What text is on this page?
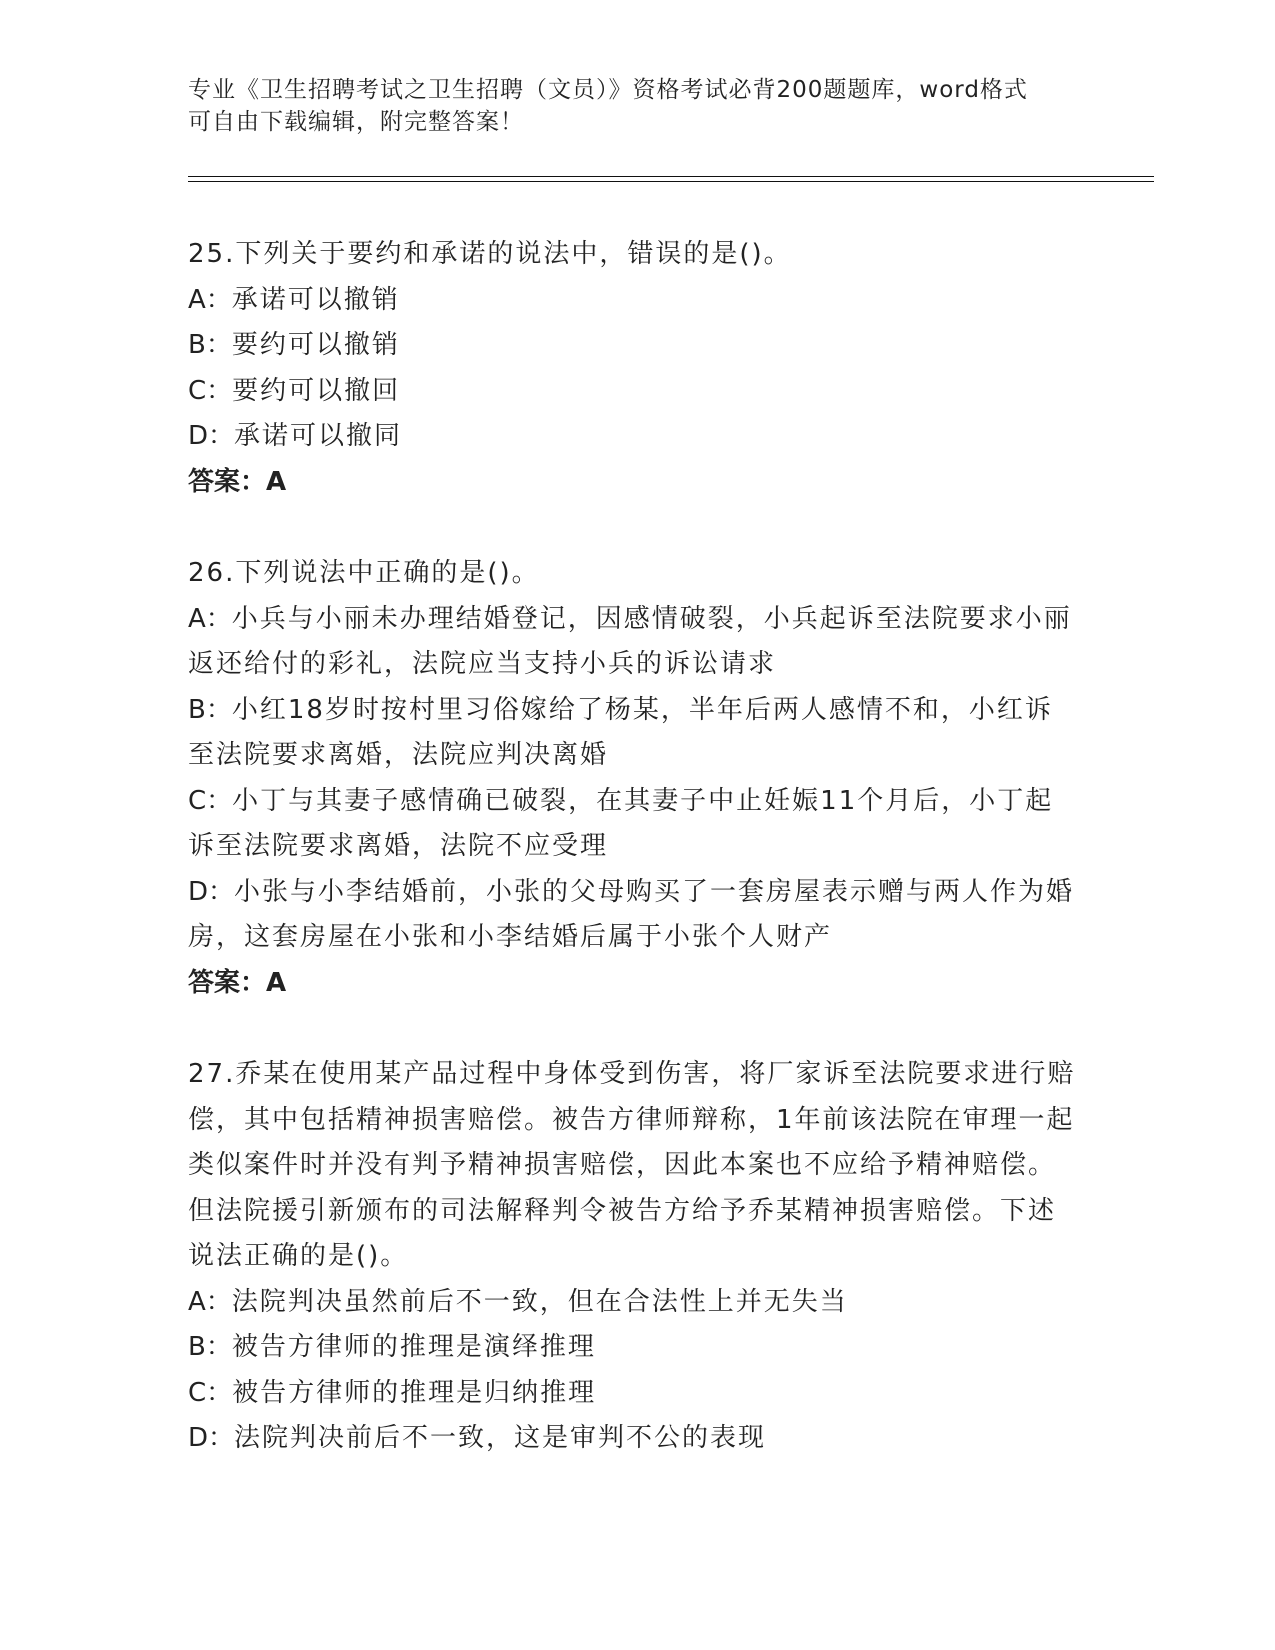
专业《卫生招聘考试之卫生招聘（文员）》资格考试必背200题题库，word格式
可自由下载编辑，附完整答案！

25.下列关于要约和承诺的说法中，错误的是()。

A：承诺可以撤销

B：要约可以撤销

C：要约可以撤回

D：承诺可以撤同

答案：A

26.下列说法中正确的是()。

A：小兵与小丽未办理结婚登记，因感情破裂，小兵起诉至法院要求小丽返还给付的彩礼，法院应当支持小兵的诉讼请求

B：小红18岁时按村里习俗嫁给了杨某，半年后两人感情不和，小红诉至法院要求离婚，法院应判决离婚

C：小丁与其妻子感情确已破裂，在其妻子中止妊娠11个月后，小丁起诉至法院要求离婚，法院不应受理

D：小张与小李结婚前，小张的父母购买了一套房屋表示赠与两人作为婚房，这套房屋在小张和小李结婚后属于小张个人财产

答案：A

27.乔某在使用某产品过程中身体受到伤害，将厂家诉至法院要求进行赔偿，其中包括精神损害赔偿。被告方律师辩称，1年前该法院在审理一起类似案件时并没有判予精神损害赔偿，因此本案也不应给予精神赔偿。但法院援引新颁布的司法解释判令被告方给予乔某精神损害赔偿。下述说法正确的是()。

A：法院判决虽然前后不一致，但在合法性上并无失当

B：被告方律师的推理是演绎推理

C：被告方律师的推理是归纳推理

D：法院判决前后不一致，这是审判不公的表现
